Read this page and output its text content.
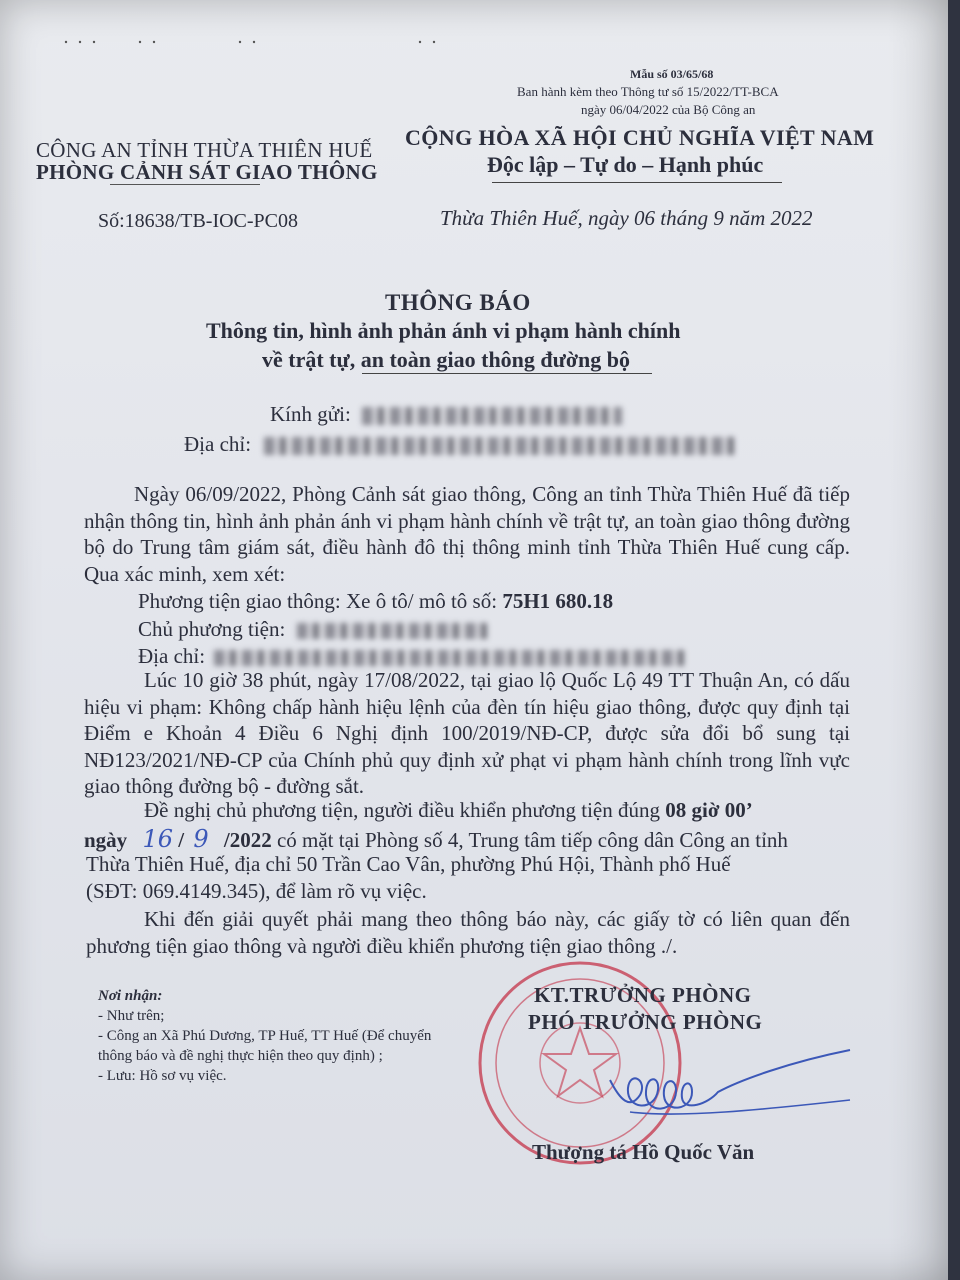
Mẫu số 03/65/68
Ban hành kèm theo Thông tư số 15/2022/TT-BCA
ngày 06/04/2022 của Bộ Công an
CÔNG AN TỈNH THỪA THIÊN HUẾ
PHÒNG CẢNH SÁT GIAO THÔNG
CỘNG HÒA XÃ HỘI CHỦ NGHĨA VIỆT NAM
Độc lập – Tự do – Hạnh phúc
Số:18638/TB-IOC-PC08	Thừa Thiên Huế, ngày 06 tháng 9 năm 2022
THÔNG BÁO
Thông tin, hình ảnh phản ánh vi phạm hành chính
về trật tự, an toàn giao thông đường bộ
Kính gửi:
Địa chỉ:
Ngày 06/09/2022, Phòng Cảnh sát giao thông, Công an tỉnh Thừa Thiên Huế đã tiếp nhận thông tin, hình ảnh phản ánh vi phạm hành chính về trật tự, an toàn giao thông đường bộ do Trung tâm giám sát, điều hành đô thị thông minh tỉnh Thừa Thiên Huế cung cấp. Qua xác minh, xem xét:
Phương tiện giao thông: Xe ô tô/ mô tô số: 75H1 680.18
Chủ phương tiện:
Địa chỉ:
Lúc 10 giờ 38 phút, ngày 17/08/2022, tại giao lộ Quốc Lộ 49 TT Thuận An, có dấu hiệu vi phạm: Không chấp hành hiệu lệnh của đèn tín hiệu giao thông, được quy định tại Điểm e Khoản 4 Điều 6 Nghị định 100/2019/NĐ-CP, được sửa đổi bổ sung tại NĐ123/2021/NĐ-CP của Chính phủ quy định xử phạt vi phạm hành chính trong lĩnh vực giao thông đường bộ - đường sắt.
Đề nghị chủ phương tiện, người điều khiển phương tiện đúng 08 giờ 00’
ngày 16 / 9 /2022 có mặt tại Phòng số 4, Trung tâm tiếp công dân Công an tỉnh
Thừa Thiên Huế, địa chỉ 50 Trần Cao Vân, phường Phú Hội, Thành phố Huế
(SĐT: 069.4149.345), để làm rõ vụ việc.
Khi đến giải quyết phải mang theo thông báo này, các giấy tờ có liên quan đến phương tiện giao thông và người điều khiển phương tiện giao thông ./.
Nơi nhận:
- Như trên;
- Công an Xã Phú Dương, TP Huế, TT Huế (Để chuyển thông báo và đề nghị thực hiện theo quy định) ;
- Lưu: Hồ sơ vụ việc.
KT.TRƯỞNG PHÒNG
PHÓ TRƯỞNG PHÒNG
Thượng tá Hồ Quốc Văn
